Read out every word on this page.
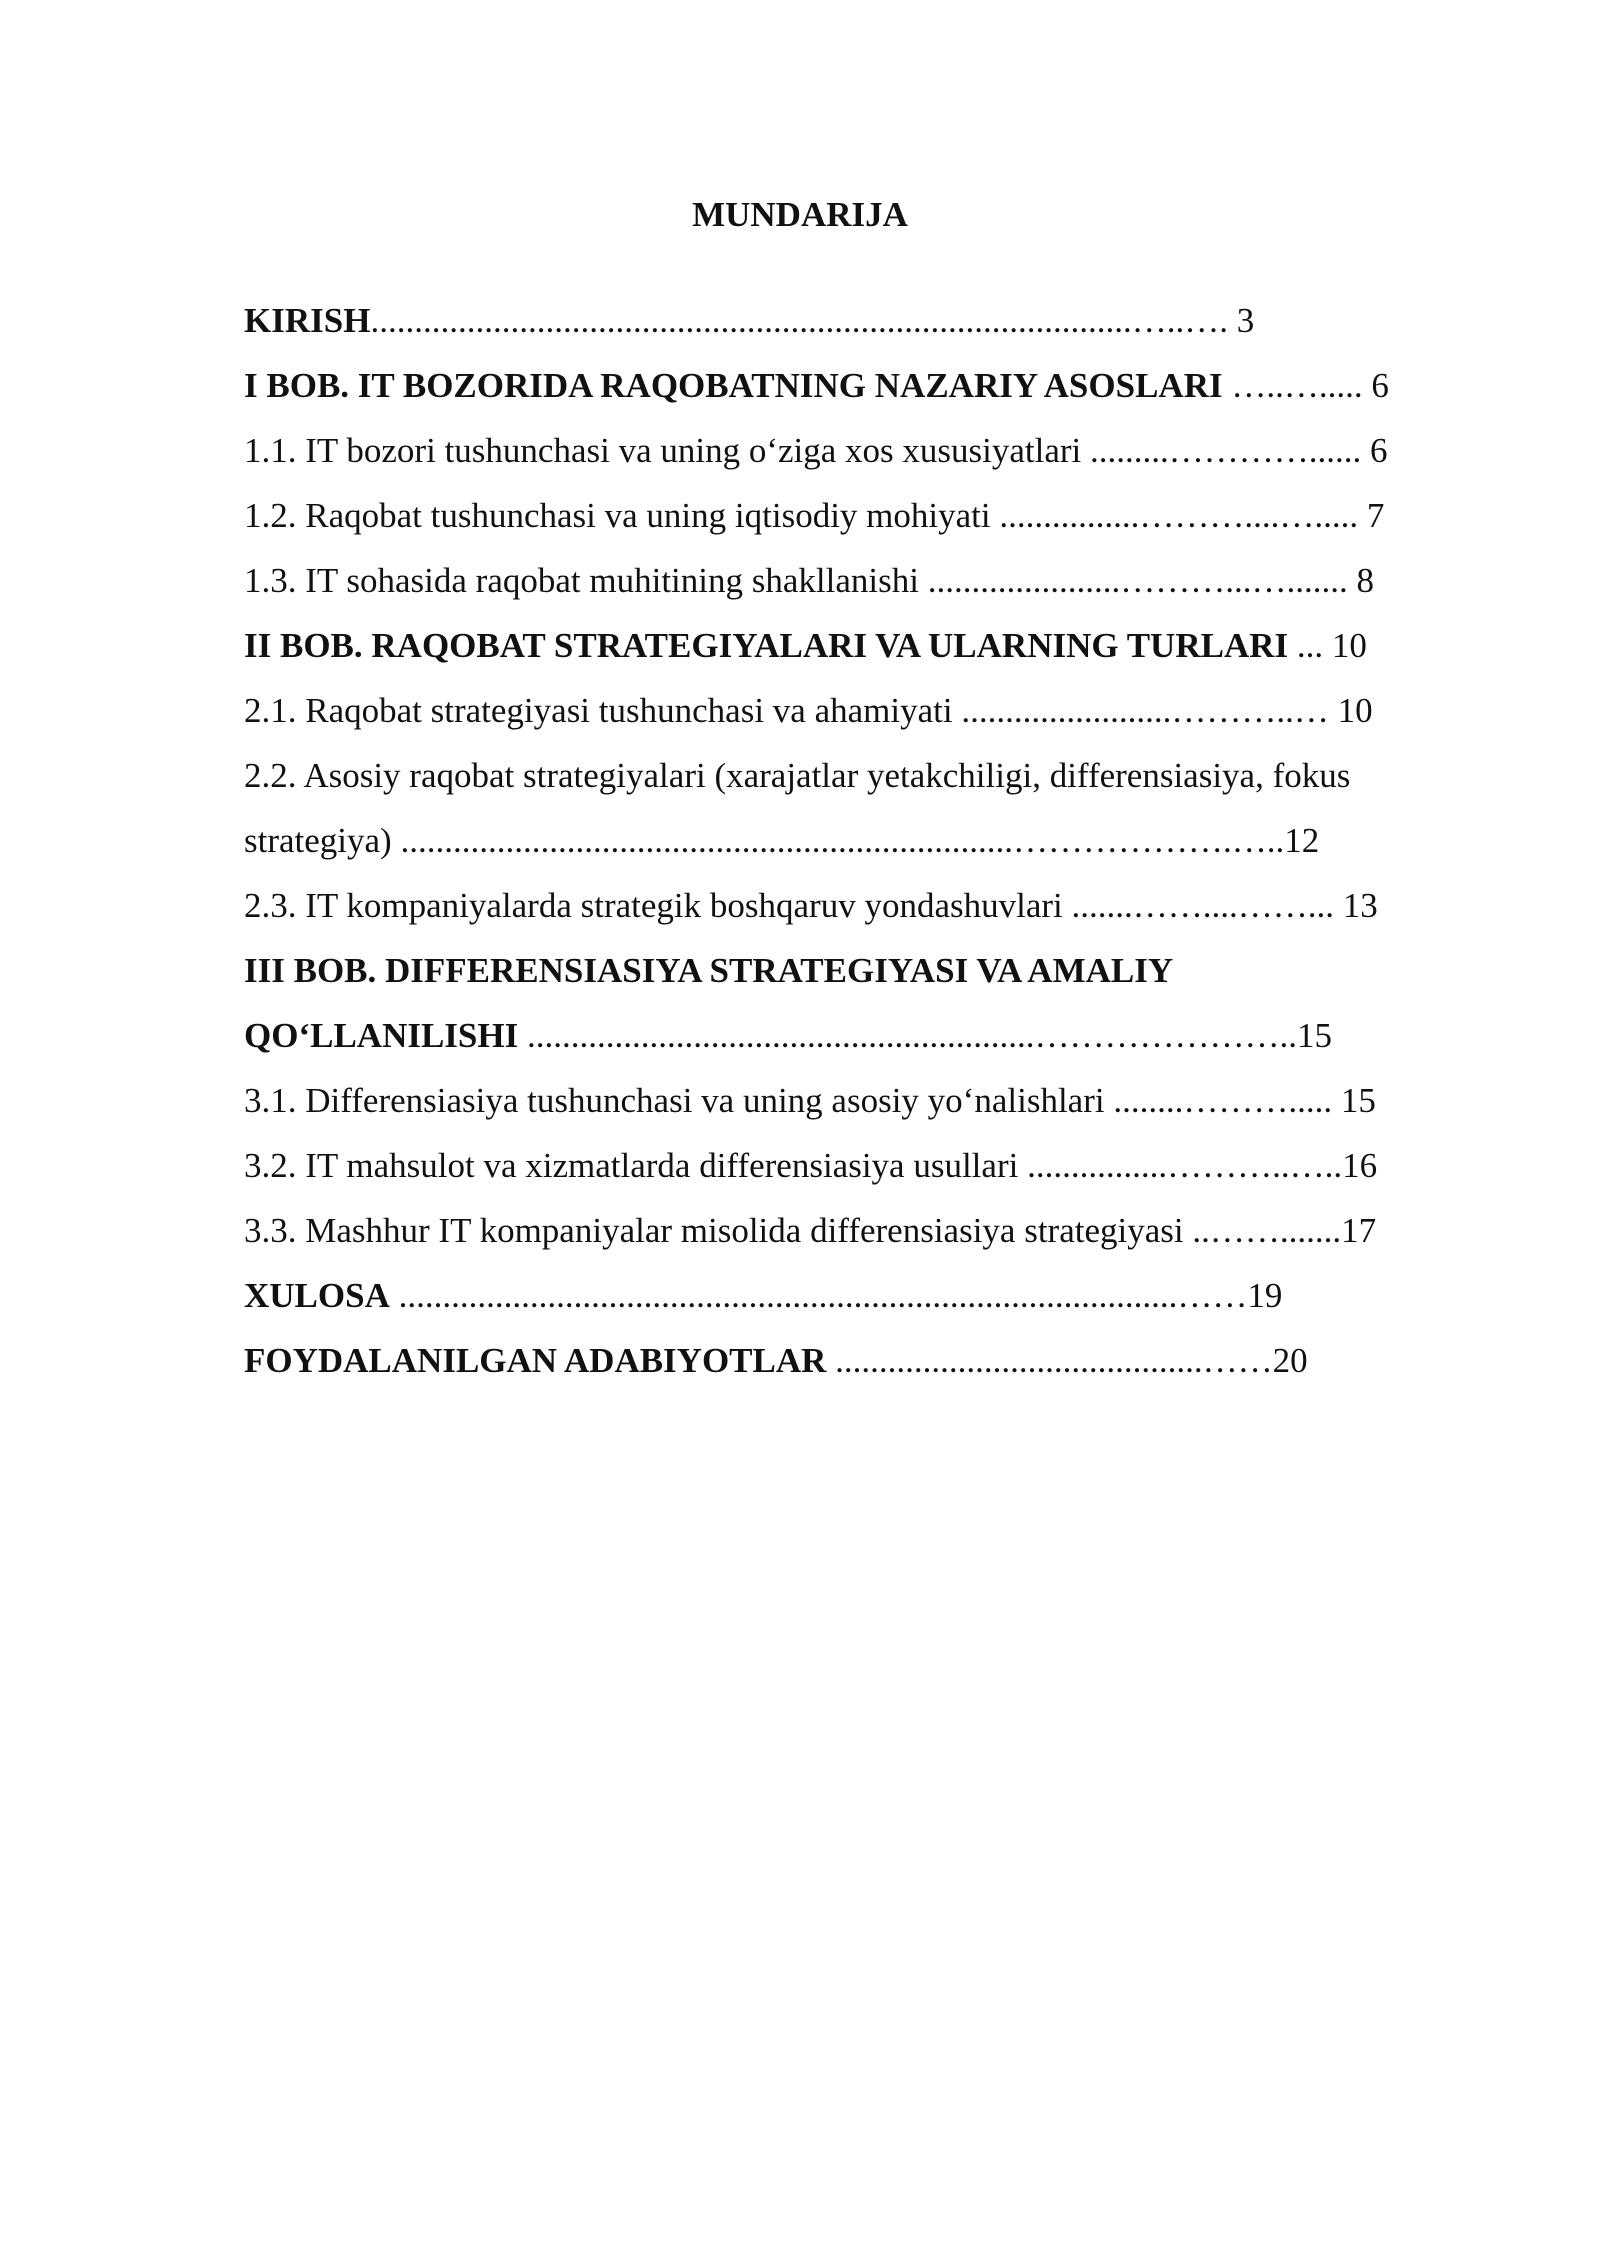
MUNDARIJA
KIRISH.......................................................................................…..…. 3
I BOB. IT BOZORIDA RAQOBATNING NAZARIY ASOSLARI …..…..... 6
1.1. IT bozori tushunchasi va uning o‘ziga xos xususiyatlari .........…………...... 6
1.2. Raqobat tushunchasi va uning iqtisodiy mohiyati ................………....…..... 7
1.3. IT sohasida raqobat muhitining shakllanishi ......................………...…....... 8
II BOB. RAQOBAT STRATEGIYALARI VA ULARNING TURLARI ... 10
2.1. Raqobat strategiyasi tushunchasi va ahamiyati ........................………..… 10
2.2. Asosiy raqobat strategiyalari (xarajatlar yetakchiligi, differensiasiya, fokus
strategiya) ......................................................................……………….…..12
2.3. IT kompaniyalarda strategik boshqaruv yondashuvlari .......……....……... 13
III BOB. DIFFERENSIASIYA STRATEGIYASI VA AMALIY
QO‘LLANILISHI ..........................................................…………………..15
3.1. Differensiasiya tushunchasi va uning asosiy yo‘nalishlari ........………..... 15
3.2. IT mahsulot va xizmatlarda differensiasiya usullari ................………..…..16
3.3. Mashhur IT kompaniyalar misolida differensiasiya strategiyasi ..…….......17
XULOSA .........................................................................................……19
FOYDALANILGAN ADABIYOTLAR ..........................................……20
